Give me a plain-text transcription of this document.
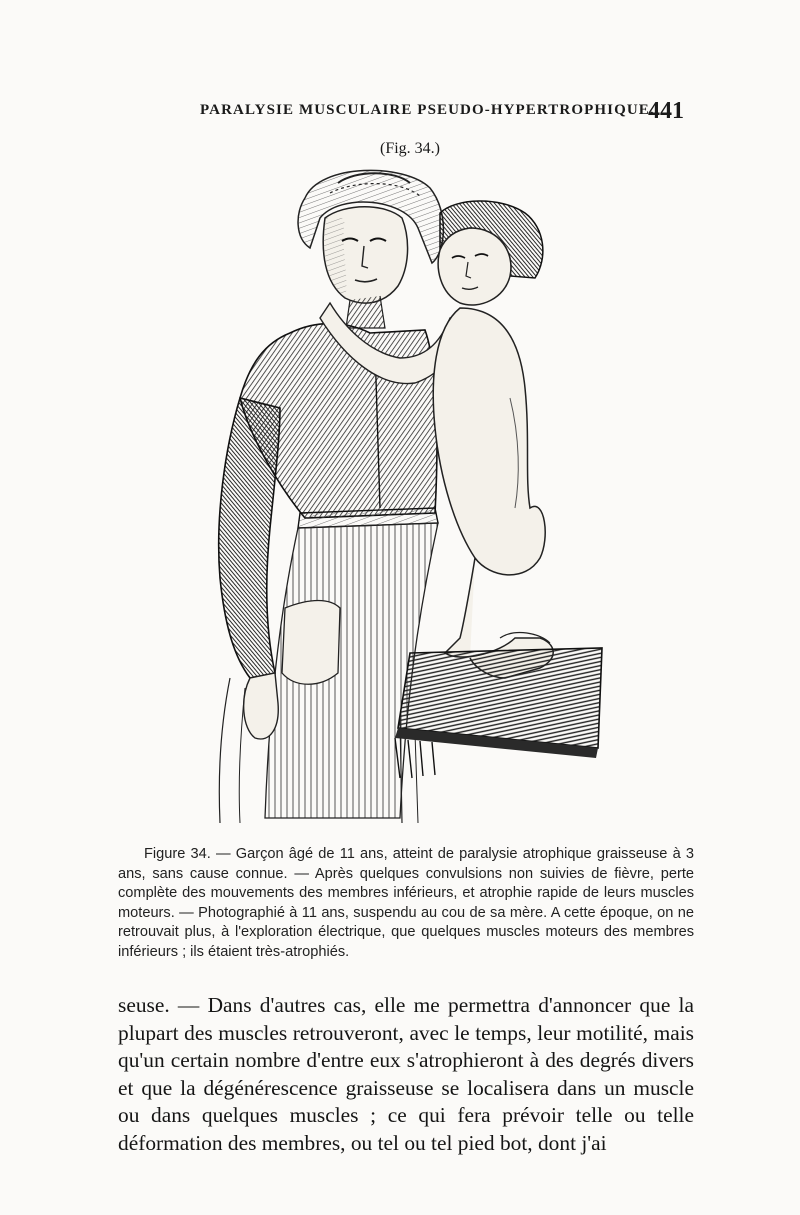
PARALYSIE MUSCULAIRE PSEUDO-HYPERTROPHIQUE.
441
(Fig. 34.)
Figure 34. — Garçon âgé de 11 ans, atteint de paralysie atrophique graisseuse à 3 ans, sans cause connue. — Après quelques convulsions non suivies de fièvre, perte complète des mouvements des membres inférieurs, et atrophie rapide de leurs muscles moteurs. — Photographié à 11 ans, suspendu au cou de sa mère. A cette époque, on ne retrouvait plus, à l'exploration électrique, que quelques muscles moteurs des membres inférieurs ; ils étaient très-atrophiés.
seuse. — Dans d'autres cas, elle me permettra d'annoncer que la plupart des muscles retrouveront, avec le temps, leur motilité, mais qu'un certain nombre d'entre eux s'atrophieront à des degrés divers et que la dégénérescence graisseuse se localisera dans un muscle ou dans quelques muscles ; ce qui fera prévoir telle ou telle déformation des membres, ou tel ou tel pied bot, dont j'ai
